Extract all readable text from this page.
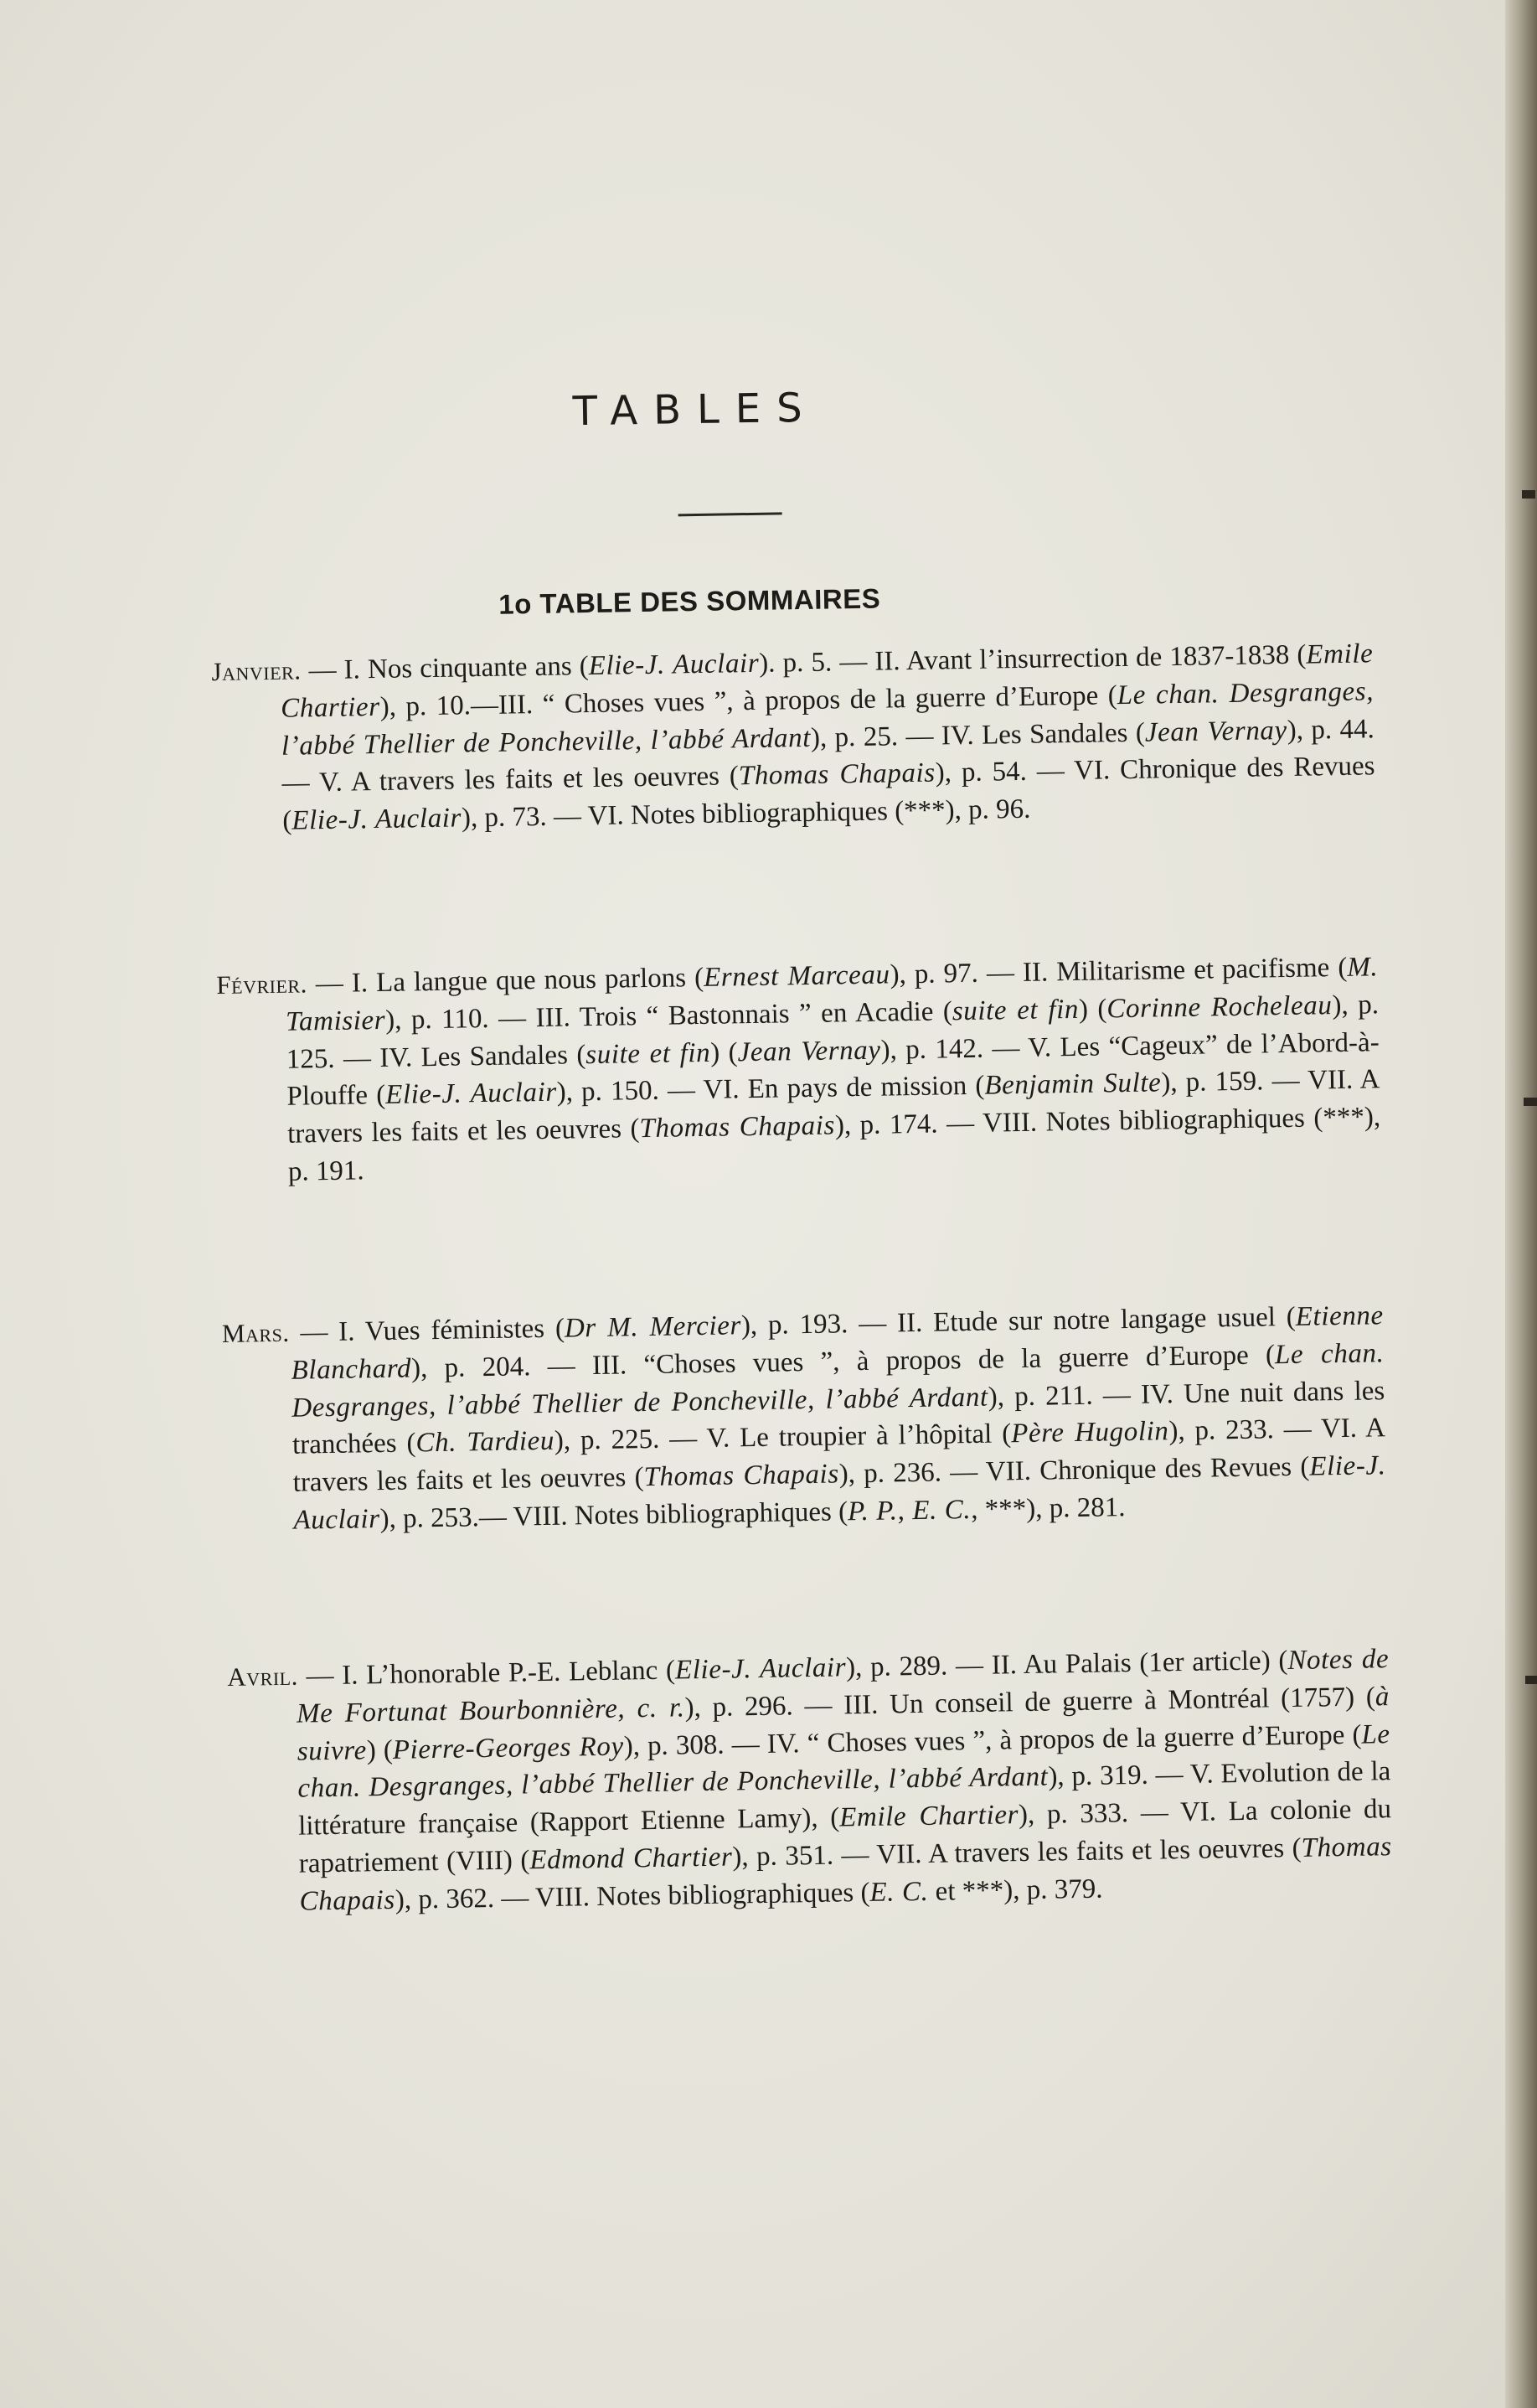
TABLES
1o TABLE DES SOMMAIRES

Janvier. — I. Nos cinquante ans (Elie-J. Auclair). p. 5. — II. Avant l’insurrection de 1837-1838 (Emile Chartier), p. 10.—III. “ Choses vues ”, à propos de la guerre d’Europe (Le chan. Desgranges, l’abbé Thellier de Poncheville, l’abbé Ardant), p. 25. — IV. Les Sandales (Jean Vernay), p. 44. — V. A travers les faits et les oeuvres (Thomas Chapais), p. 54. — VI. Chronique des Revues (Elie-J. Auclair), p. 73. — VI. Notes bibliographiques (***), p. 96.

Février. — I. La langue que nous parlons (Ernest Marceau), p. 97. — II. Militarisme et pacifisme (M. Tamisier), p. 110. — III. Trois “ Bastonnais ” en Acadie (suite et fin) (Corinne Rocheleau), p. 125. — IV. Les Sandales (suite et fin) (Jean Vernay), p. 142. — V. Les “Cageux” de l’Abord-à-Plouffe (Elie-J. Auclair), p. 150. — VI. En pays de mission (Benjamin Sulte), p. 159. — VII. A travers les faits et les oeuvres (Thomas Chapais), p. 174. — VIII. Notes bibliographiques (***), p. 191.

Mars. — I. Vues féministes (Dr M. Mercier), p. 193. — II. Etude sur notre langage usuel (Etienne Blanchard), p. 204. — III. “Choses vues ”, à propos de la guerre d’Europe (Le chan. Desgranges, l’abbé Thellier de Poncheville, l’abbé Ardant), p. 211. — IV. Une nuit dans les tranchées (Ch. Tardieu), p. 225. — V. Le troupier à l’hôpital (Père Hugolin), p. 233. — VI. A travers les faits et les oeuvres (Thomas Chapais), p. 236. — VII. Chronique des Revues (Elie-J. Auclair), p. 253.— VIII. Notes bibliographiques (P. P., E. C., ***), p. 281.

Avril. — I. L’honorable P.-E. Leblanc (Elie-J. Auclair), p. 289. — II. Au Palais (1er article) (Notes de Me Fortunat Bourbonnière, c. r.), p. 296. — III. Un conseil de guerre à Montréal (1757) (à suivre) (Pierre-Georges Roy), p. 308. — IV. “ Choses vues ”, à propos de la guerre d’Europe (Le chan. Desgranges, l’abbé Thellier de Poncheville, l’abbé Ardant), p. 319. — V. Evolution de la littérature française (Rapport Etienne Lamy), (Emile Chartier), p. 333. — VI. La colonie du rapatriement (VIII) (Edmond Chartier), p. 351. — VII. A travers les faits et les oeuvres (Thomas Chapais), p. 362. — VIII. Notes bibliographiques (E. C. et ***), p. 379.
